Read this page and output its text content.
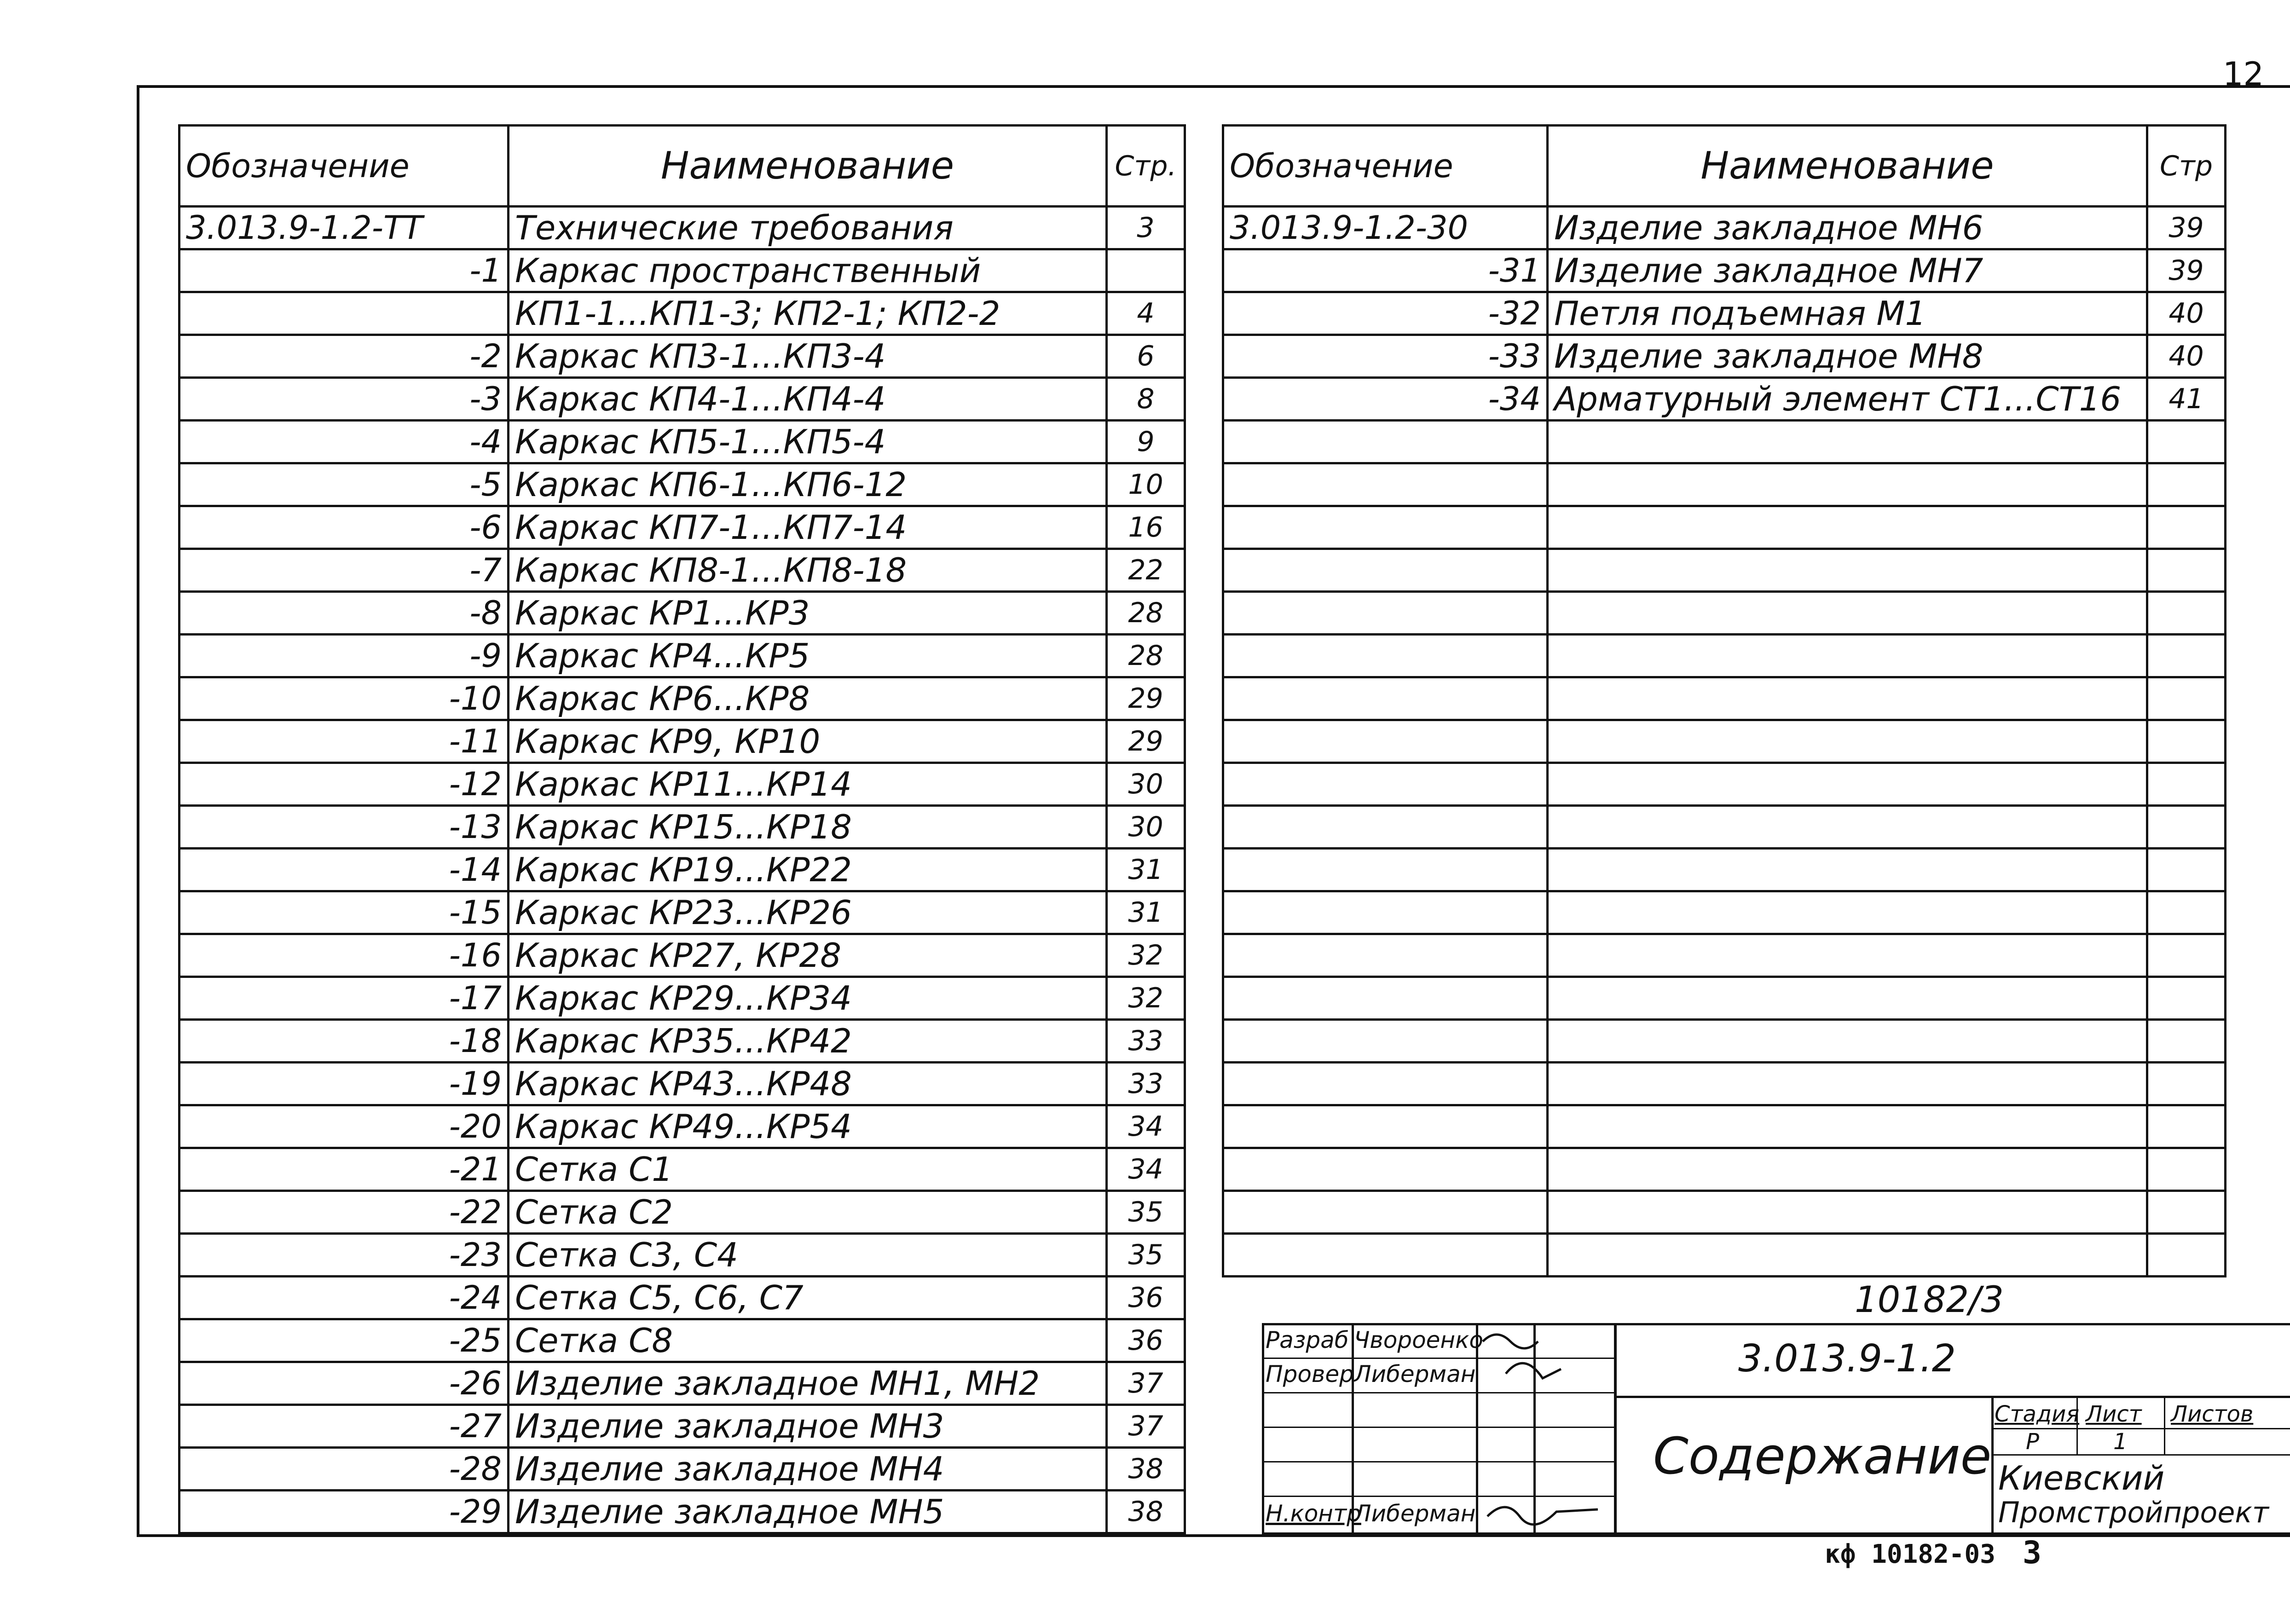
12
Обозначение	Наименование	Стр.
3.013.9-1.2-ТТ	Технические требования	3
-1	Каркас пространственный	
	КП1-1...КП1-3; КП2-1; КП2-2	4
-2	Каркас КП3-1...КП3-4	6
-3	Каркас КП4-1...КП4-4	8
-4	Каркас КП5-1...КП5-4	9
-5	Каркас КП6-1...КП6-12	10
-6	Каркас КП7-1...КП7-14	16
-7	Каркас КП8-1...КП8-18	22
-8	Каркас КР1...КР3	28
-9	Каркас КР4...КР5	28
-10	Каркас КР6...КР8	29
-11	Каркас КР9, КР10	29
-12	Каркас КР11...КР14	30
-13	Каркас КР15...КР18	30
-14	Каркас КР19...КР22	31
-15	Каркас КР23...КР26	31
-16	Каркас КР27, КР28	32
-17	Каркас КР29...КР34	32
-18	Каркас КР35...КР42	33
-19	Каркас КР43...КР48	33
-20	Каркас КР49...КР54	34
-21	Сетка С1	34
-22	Сетка С2	35
-23	Сетка С3, С4	35
-24	Сетка С5, С6, С7	36
-25	Сетка С8	36
-26	Изделие закладное МН1, МН2	37
-27	Изделие закладное МН3	37
-28	Изделие закладное МН4	38
-29	Изделие закладное МН5	38
Обозначение	Наименование	Стр
3.013.9-1.2-30	Изделие закладное МН6	39
-31	Изделие закладное МН7	39
-32	Петля подъемная М1	40
-33	Изделие закладное МН8	40
-34	Арматурный элемент СТ1...СТ16	41

10182/3
Разраб Чвороенко
Провер Либерман
Н.контр
Либерман
3.013.9-1.2
Содержание
Стадия Лист Листов
Р	1
Киевский
Промстройпроект
кф 10182-03 3
